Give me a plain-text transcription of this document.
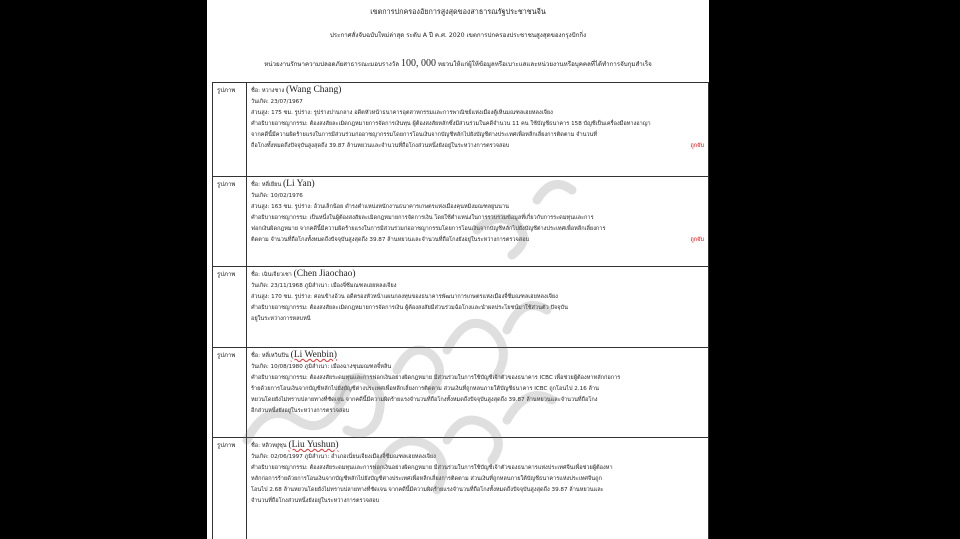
เขตการปกครองอัยการสูงสุดของสาธารณรัฐประชาชนจีน
ประกาศสั่งจับฉบับใหม่ล่าสุด ระดับ A ปี ค.ศ. 2020 เขตการปกครองประชาชนสูงสุดของกรุงปักกิ่ง
หน่วยงานรักษาความปลอดภัยสาธารณะมอบรางวัล 100, 000 หยวนให้แก่ผู้ให้ข้อมูลหรือเบาะแสและหน่วยงานหรือบุคคลที่ได้ทำการจับกุมสำเร็จ
รูปภาพ	ชื่อ: หวางชาง (Wang Chang)
วันเกิด: 23/07/1967
ส่วนสูง: 175 ซม. รูปร่าง: รูปร่างปานกลาง อดีตหัวหน้าธนาคารอุตสาหกรรมและการพาณิชย์แห่งเมืองตู้เห็นมณฑลเฮยหลงเจียง
คำอธิบายอาชญากรรม: ต้องสงสัยละเมิดกฎหมายการจัดการเงินทุน ผู้ต้องสงสัยหลักซึ่งมีส่วนร่วมในคดีจำนวน 11 คน ใช้บัญชีธนาคาร 158 บัญชีเป็นเครื่องมือทางอาญา
จากคดีนี้มีความผิดร้ายแรงในการมีส่วนร่วมก่ออาชญากรรมโดยการโอนเงินจากบัญชีหลักไปยังบัญชีต่างประเทศเพื่อหลีกเลี่ยงการติดตาม จำนวนที่
ถือโกงทั้งหมดถึงปัจจุบันสูงสุดถึง 39.87 ล้านหยวนและจำนวนที่ถือโกงส่วนหนึ่งยังอยู่ในระหว่างการตรวจสอบ	ถูกจับ
รูปภาพ	ชื่อ: หลี่เยียน (Li Yan)
วันเกิด: 10/02/1976
ส่วนสูง: 163 ซม. รูปร่าง: อ้วนเล็กน้อย ดำรงตำแหน่งหนักงานธนาคารเกษตรแห่งเมืองคุนหมิงมณฑลยูนนาน
คำอธิบายอาชญากรรม: เป็นหนึ่งในผู้ต้องสงสัยละเมิดกฎหมายการจัดการเงิน โดยใช้ตำแหน่งในการรวบรวมข้อมูลที่เกี่ยวกับการระดมทุนและการ
ฟอกเงินผิดกฎหมาย จากคดีนี้มีความผิดร้ายแรงในการมีส่วนร่วมก่ออาชญากรรมโดยการโอนเงินจากบัญชีหลักไปยังบัญชีต่างประเทศเพื่อหลีกเลี่ยงการ
ติดตาม จำนวนที่ถือโกงทั้งหมดถึงปัจจุบันสูงสุดถึง 39.87 ล้านหยวนและจำนวนที่ถือโกงยังอยู่ในระหว่างการตรวจสอบ	ถูกจับ
รูปภาพ	ชื่อ: เฉินเจียวเชา (Chen Jiaochao)
วันเกิด: 23/11/1968 ภูมิลำเนา: เมืองจี่ซีมณฑลเฮยหลงเจียง
ส่วนสูง: 170 ซม. รูปร่าง: ค่อนข้างอ้วน อดีตรองหัวหน้าแผนกลงทุนของธนาคารพัฒนาการเกษตรแห่งเมืองจี่ซีมณฑลเฮยหลงเจียง
คำอธิบายอาชญากรรม: ต้องสงสัยละเมิดกฎหมายการจัดการเงิน ผู้ต้องสงสัยมีส่วนร่วมฉ้อโกงและนำผลประโยชน์มาใช้ส่วนตัว ปัจจุบัน
อยู่ในระหว่างการหลบหนี
รูปภาพ	ชื่อ: หลี่เหวินปิน (Li Wenbin)
วันเกิด: 10/08/1980 ภูมิลำเนา: เมืองฉางชุนมณฑลจี๋หลิน
คำอธิบายอาชญากรรม: ต้องสงสัยระดมทุนและการฟอกเงินอย่างผิดกฎหมาย มีส่วนร่วมในการใช้บัญชีเจ้าตัวของธนาคาร ICBC เพื่อช่วยผู้ต้องหาหลักก่อการ
ร้ายด้วยการโอนเงินจากบัญชีหลักไปยังบัญชีต่างประเทศเพื่อหลีกเลี่ยงการติดตาม ส่วนเงินที่ถูกหลบภายใต้บัญชีธนาคาร ICBC ถูกโอนไป 2.16 ล้าน
หยวนโดยยังไม่ทราบปลายทางที่ชัดเจน จากคดีนี้มีความผิดร้ายแรงจำนวนที่ถือโกงทั้งหมดถึงปัจจุบันสูงสุดถึง 39.87 ล้านหยวนและจำนวนที่ถือโกง
อีกส่วนหนึ่งยังอยู่ในระหว่างการตรวจสอบ
รูปภาพ	ชื่อ: หลิวหยู่ชุน (Liu Yushun)
วันเกิด: 02/06/1997 ภูมิลำเนา: อำเภอเนี่ยนเจียงเมืองจี่ซีมณฑลเฮยหลงเจียง
คำอธิบายอาชญากรรม: ต้องสงสัยระดมทุนและการฟอกเงินอย่างผิดกฎหมาย มีส่วนร่วมในการใช้บัญชีเจ้าตัวของธนาคารแห่งประเทศจีนเพื่อช่วยผู้ต้องหา
หลักก่อการร้ายด้วยการโอนเงินจากบัญชีหลักไปยังบัญชีต่างประเทศเพื่อหลีกเลี่ยงการติดตาม ส่วนเงินที่ถูกหลบภายใต้บัญชีธนาคารแห่งประเทศจีนถูก
โอนไป 2.68 ล้านหยวนโดยยังไม่ทราบปลายทางที่ชัดเจน จากคดีนี้มีความผิดร้ายแรงจำนวนที่ถือโกงทั้งหมดถึงปัจจุบันสูงสุดถึง 39.87 ล้านหยวนและ
จำนวนที่ถือโกงส่วนหนึ่งยังอยู่ในระหว่างการตรวจสอบ
